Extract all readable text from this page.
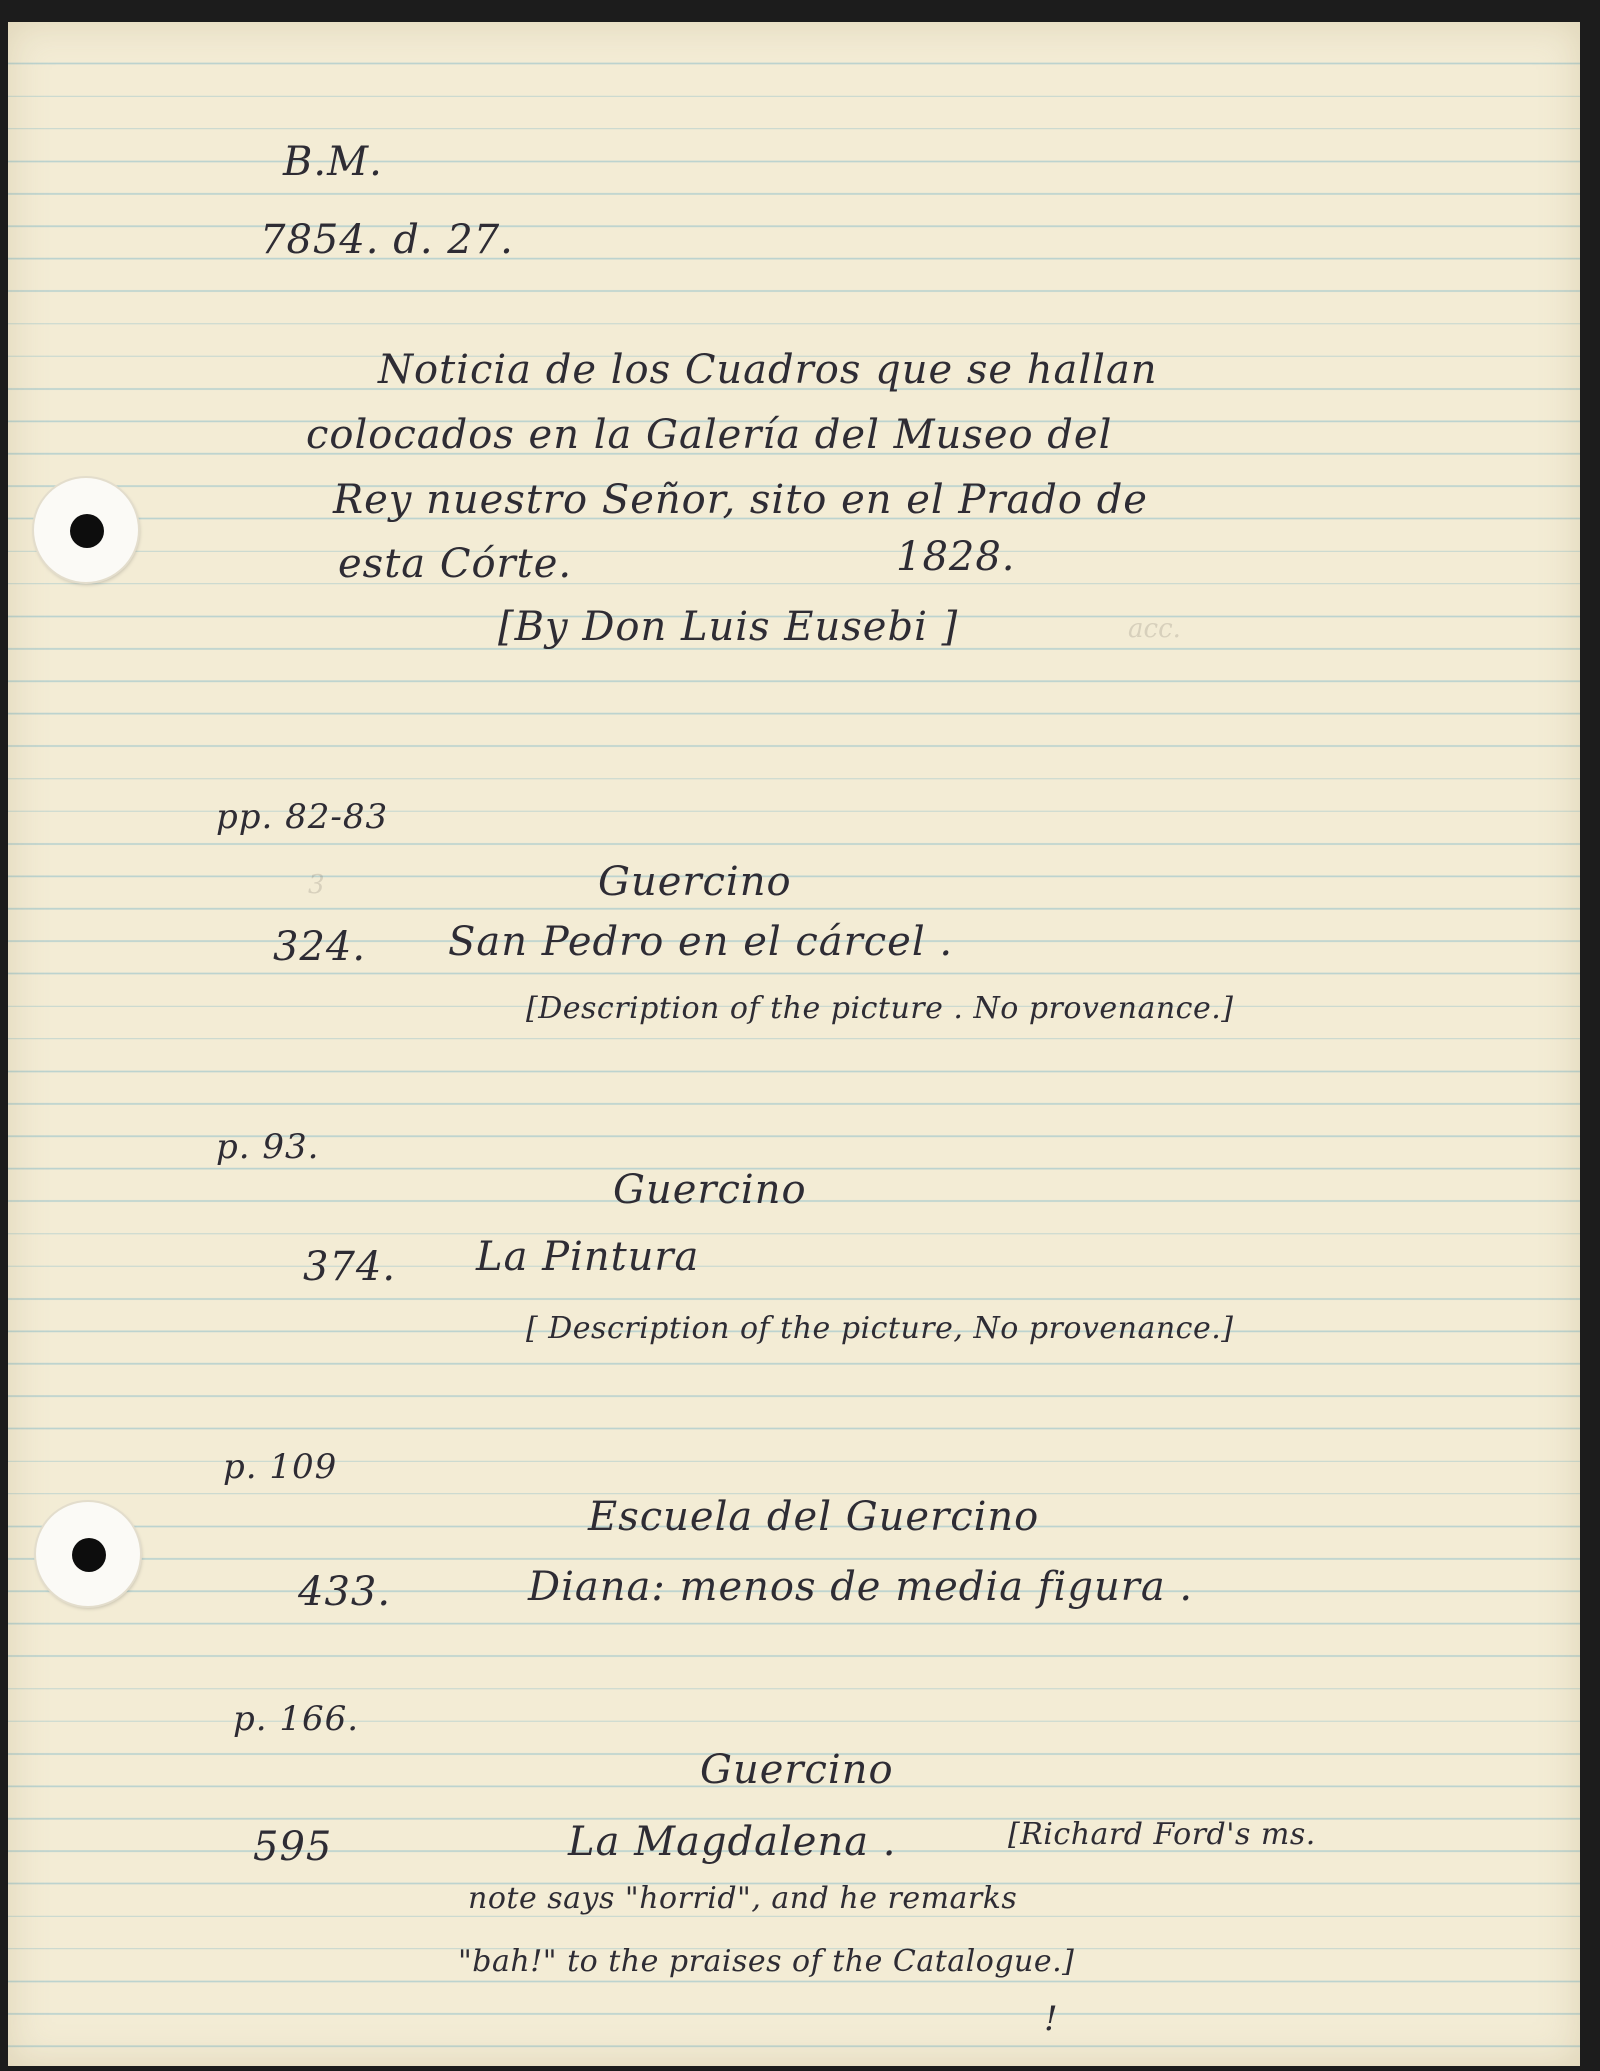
acc.
3
B.M.
7854. d. 27.
Noticia de los Cuadros que se hallan
colocados en la Galería del Museo del
Rey nuestro Señor, sito en el Prado de
esta Córte.	1828.
[By Don Luis Eusebi ]
pp. 82-83
Guercino
324. San Pedro en el cárcel .
[Description of the picture . No provenance.]
p. 93.
Guercino
374. La Pintura
[ Description of the picture, No provenance.]
p. 109
Escuela del Guercino
433.	Diana: menos de media figura .
p. 166.
Guercino
595	La Magdalena .	[Richard Ford's ms.
note says "horrid", and he remarks
"bah!" to the praises of the Catalogue.]
!
